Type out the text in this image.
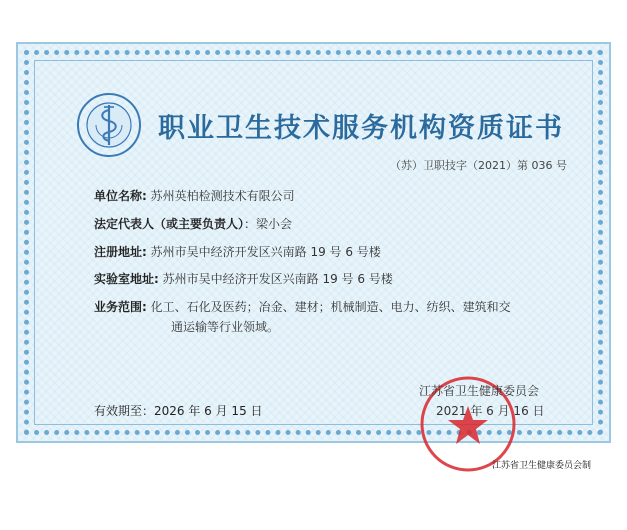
职业卫生技术服务机构资质证书
（苏）卫职技字（2021）第 036 号
单位名称: 苏州英柏检测技术有限公司
法定代表人（或主要负责人）：梁小会
注册地址: 苏州市吴中经济开发区兴南路 19 号 6 号楼
实验室地址: 苏州市吴中经济开发区兴南路 19 号 6 号楼
业务范围: 化工、石化及医药；冶金、建材；机械制造、电力、纺织、建筑和交
通运输等行业领域。
江苏省卫生健康委员会
2021 年 6 月 16 日
有效期至：2026 年 6 月 15 日
江苏省卫生健康委员会制
